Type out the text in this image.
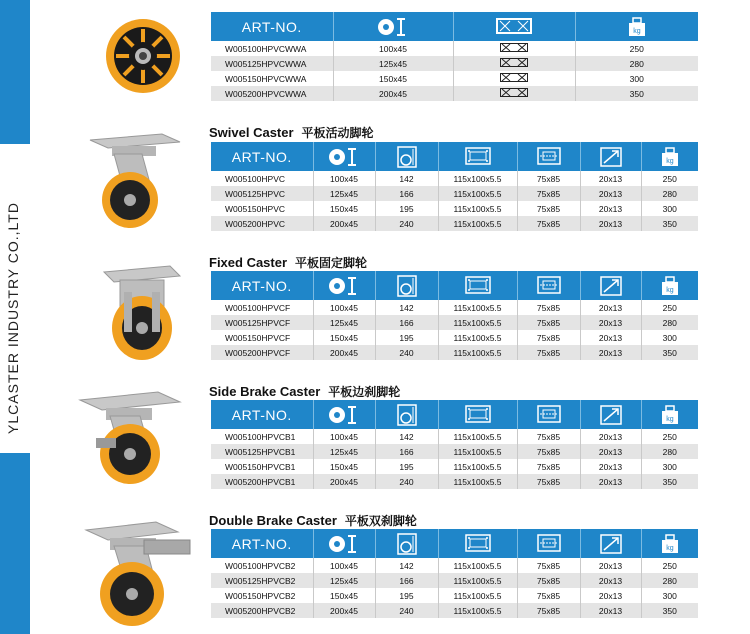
YLCASTER INDUSTRY CO.,LTD
ART-NO.			kg

W005100HPVCWWA	100x45		250
W005125HPVCWWA	125x45		280
W005150HPVCWWA	150x45		300
W005200HPVCWWA	200x45		350
Swivel Caster 平板活动脚轮
ART-NO.						kg

W005100HPVC	100x45	142	115x100x5.5	75x85	20x13	250
W005125HPVC	125x45	166	115x100x5.5	75x85	20x13	280
W005150HPVC	150x45	195	115x100x5.5	75x85	20x13	300
W005200HPVC	200x45	240	115x100x5.5	75x85	20x13	350
Fixed Caster 平板固定脚轮
ART-NO.						kg

W005100HPVCF	100x45	142	115x100x5.5	75x85	20x13	250
W005125HPVCF	125x45	166	115x100x5.5	75x85	20x13	280
W005150HPVCF	150x45	195	115x100x5.5	75x85	20x13	300
W005200HPVCF	200x45	240	115x100x5.5	75x85	20x13	350
Side Brake Caster 平板边刹脚轮
ART-NO.						kg

W005100HPVCB1	100x45	142	115x100x5.5	75x85	20x13	250
W005125HPVCB1	125x45	166	115x100x5.5	75x85	20x13	280
W005150HPVCB1	150x45	195	115x100x5.5	75x85	20x13	300
W005200HPVCB1	200x45	240	115x100x5.5	75x85	20x13	350
Double Brake Caster 平板双刹脚轮
ART-NO.						kg

W005100HPVCB2	100x45	142	115x100x5.5	75x85	20x13	250
W005125HPVCB2	125x45	166	115x100x5.5	75x85	20x13	280
W005150HPVCB2	150x45	195	115x100x5.5	75x85	20x13	300
W005200HPVCB2	200x45	240	115x100x5.5	75x85	20x13	350
